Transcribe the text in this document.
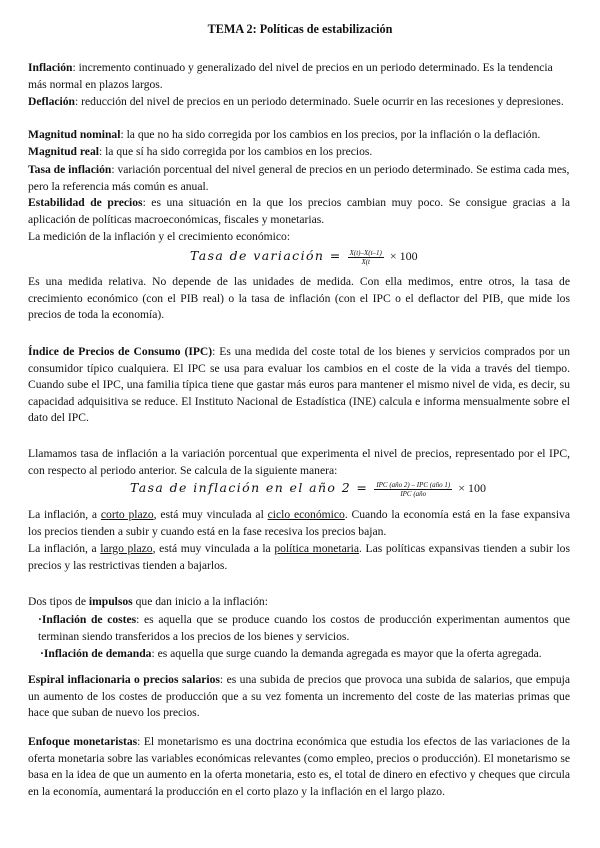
TEMA 2: Políticas de estabilización

Inflación: incremento continuado y generalizado del nivel de precios en un periodo determinado. Es la tendencia más normal en plazos largos.

Deflación: reducción del nivel de precios en un periodo determinado. Suele ocurrir en las recesiones y depresiones.

Magnitud nominal: la que no ha sido corregida por los cambios en los precios, por la inflación o la deflación.

Magnitud real: la que sí ha sido corregida por los cambios en los precios.

Tasa de inflación: variación porcentual del nivel general de precios en un periodo determinado. Se estima cada mes, pero la referencia más común es anual.

Estabilidad de precios: es una situación en la que los precios cambian muy poco. Se consigue gracias a la aplicación de políticas macroeconómicas, fiscales y monetarias.

La medición de la inflación y el crecimiento económico:

Tasa de variación = $\frac{X(t)-X(t-1)}{X(t} \times 100$

Es una medida relativa. No depende de las unidades de medida. Con ella medimos, entre otros, la tasa de crecimiento económico (con el PIB real) o la tasa de inflación (con el IPC o el deflactor del PIB, que mide los precios de toda la economía).

Índice de Precios de Consumo (IPC): Es una medida del coste total de los bienes y servicios comprados por un consumidor típico cualquiera. El IPC se usa para evaluar los cambios en el coste de la vida a través del tiempo. Cuando sube el IPC, una familia típica tiene que gastar más euros para mantener el mismo nivel de vida, es decir, su capacidad adquisitiva se reduce. El Instituto Nacional de Estadística (INE) calcula e informa mensualmente sobre el dato del IPC.

Llamamos tasa de inflación a la variación porcentual que experimenta el nivel de precios, representado por el IPC, con respecto al periodo anterior. Se calcula de la siguiente manera:

Tasa de inflación en el año $2 = \frac{\text{IPC (año 2) – IPC (año 1)}}{\text{IPC (año}} \times 100$

La inflación, a corto plazo, está muy vinculada al ciclo económico. Cuando la economía está en la fase expansiva los precios tienden a subir y cuando está en la fase recesiva los precios bajan.

La inflación, a largo plazo, está muy vinculada a la política monetaria. Las políticas expansivas tienden a subir los precios y las restrictivas tienden a bajarlos.

Dos tipos de impulsos que dan inicio a la inflación:

·Inflación de costes: es aquella que se produce cuando los costos de producción experimentan aumentos que terminan siendo transferidos a los precios de los bienes y servicios.

·Inflación de demanda: es aquella que surge cuando la demanda agregada es mayor que la oferta agregada.

Espiral inflacionaria o precios salarios: es una subida de precios que provoca una subida de salarios, que empuja un aumento de los costes de producción que a su vez fomenta un incremento del coste de las materias primas que hace que suban de nuevo los precios.

Enfoque monetaristas: El monetarismo es una doctrina económica que estudia los efectos de las variaciones de la oferta monetaria sobre las variables económicas relevantes (como empleo, precios o producción). El monetarismo se basa en la idea de que un aumento en la oferta monetaria, esto es, el total de dinero en efectivo y cheques que circula en la economía, aumentará la producción en el corto plazo y la inflación en el largo plazo.
